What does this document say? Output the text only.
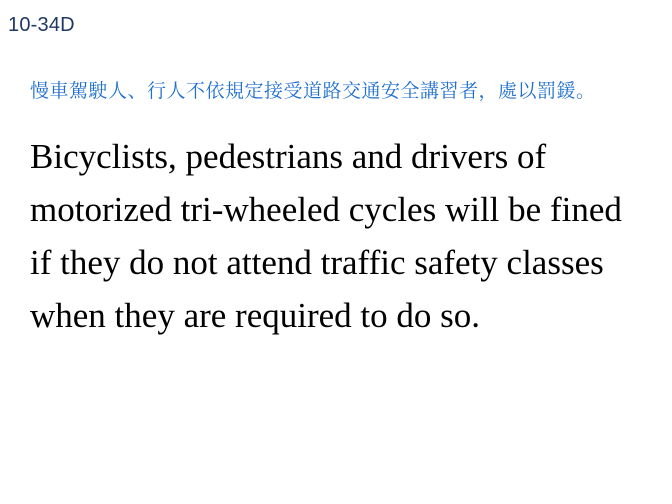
10-34D

慢車駕駛人、行人不依規定接受道路交通安全講習者，處以罰鍰。

Bicyclists, pedestrians and drivers of motorized tri-wheeled cycles will be fined if they do not attend traffic safety classes when they are required to do so.
